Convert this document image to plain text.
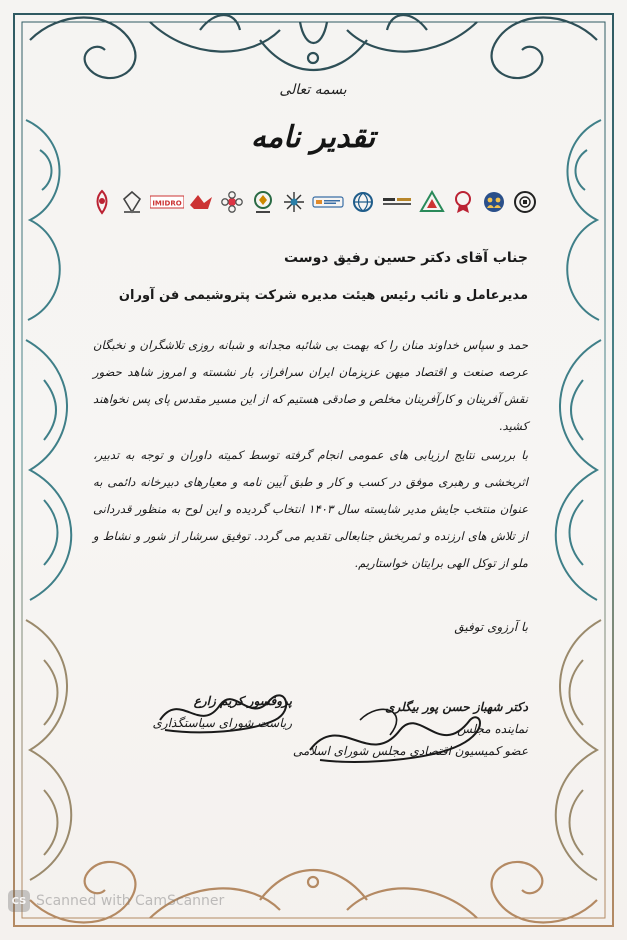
بسمه تعالی
تقدیر نامه
IMIDRO
جناب آقای دکتر حسین رفیق دوست
مدیرعامل و نائب رئیس هیئت مدیره شرکت پتروشیمی فن آوران
حمد و سپاس خداوند منان را که بهمت بی شائبه مجدانه و شبانه روزی تلاشگران و نخبگان عرصه صنعت و اقتصاد میهن عزیزمان ایران سرافراز، بار نشسته و امروز شاهد حضور نقش آفرینان و کارآفرینان مخلص و صادقی هستیم که از این مسیر مقدس پای پس نخواهند کشید.
با بررسی نتایج ارزیابی های عمومی انجام گرفته توسط کمیته داوران و توجه به تدبیر، اثربخشی و رهبری موفق در کسب و کار و طبق آیین نامه و معیارهای دبیرخانه دائمی به عنوان منتخب جایش مدیر شایسته سال ۱۴۰۳ انتخاب گردیده و این لوح به منظور قدردانی از تلاش های ارزنده و ثمربخش جنابعالی تقدیم می گردد. توفیق سرشار از شور و نشاط و ملو از توکل الهی برایتان خواستاریم.
با آرزوی توفیق
دکتر شهباز حسن پور بیگلری
نماینده مجلس
عضو کمیسیون اقتصادی مجلس شورای اسلامی
پروفسور کریم زارع
ریاست شورای سیاستگذاری
CS Scanned with CamScanner
